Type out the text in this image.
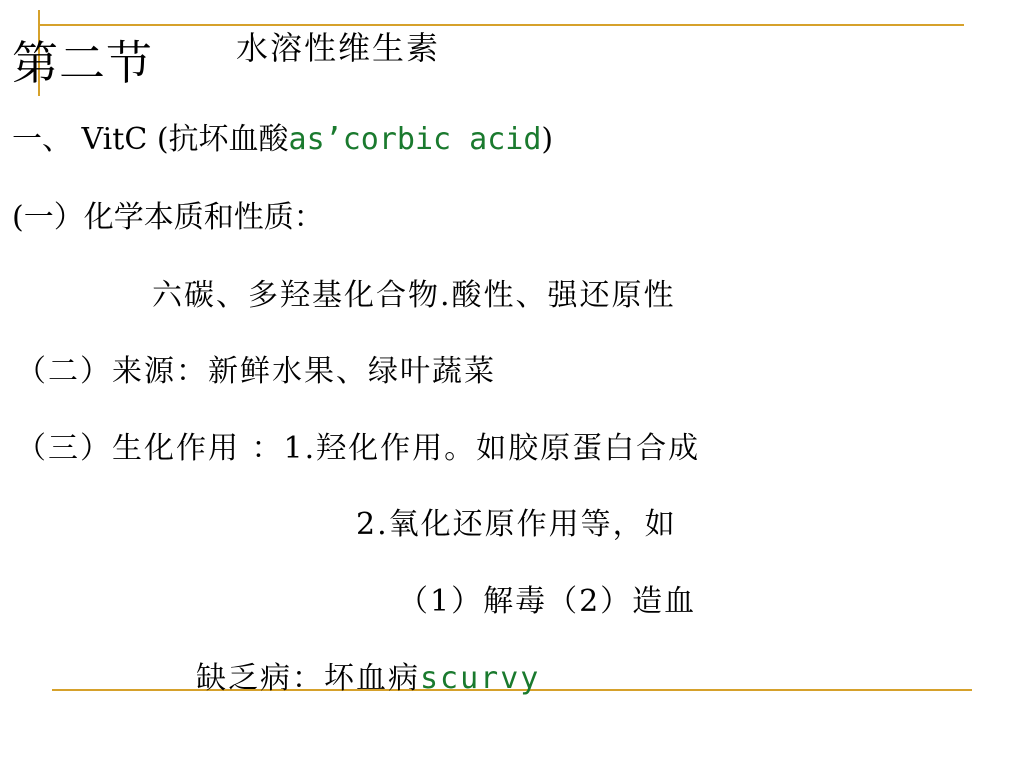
第二节	水溶性维生素
一、 VitC (抗坏血酸as’corbic acid)
(一）化学本质和性质：
六碳、多羟基化合物.酸性、强还原性
（二）来源：新鲜水果、绿叶蔬菜
（三）生化作用 ：1.羟化作用。如胶原蛋白合成
2.氧化还原作用等，如
（1）解毒（2）造血
缺乏病：坏血病scurvy
